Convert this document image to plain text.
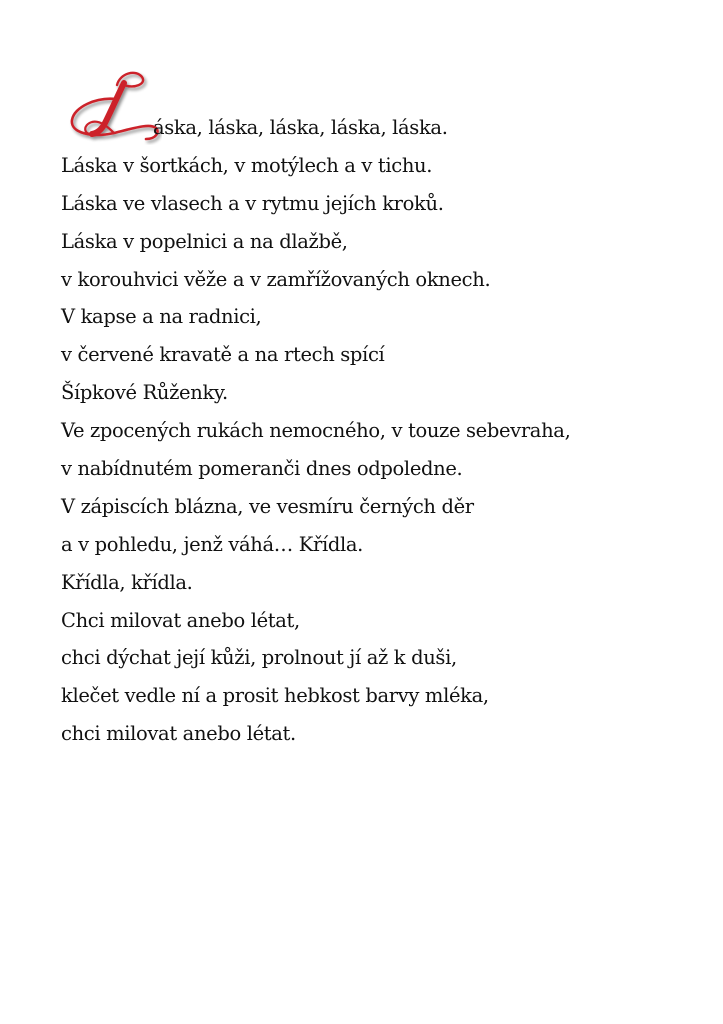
áska, láska, láska, láska, láska.
Láska v šortkách, v motýlech a v tichu.
Láska ve vlasech a v rytmu jejích kroků.
Láska v popelnici a na dlažbě,
v korouhvici věže a v zamřížovaných oknech.
V kapse a na radnici,
v červené kravatě a na rtech spící
Šípkové Růženky.
Ve zpocených rukách nemocného, v touze sebevraha,
v nabídnutém pomeranči dnes odpoledne.
V zápiscích blázna, ve vesmíru černých děr
a v pohledu, jenž váhá… Křídla.
Křídla, křídla.
Chci milovat anebo létat,
chci dýchat její kůži, prolnout jí až k duši,
klečet vedle ní a prosit hebkost barvy mléka,
chci milovat anebo létat.
